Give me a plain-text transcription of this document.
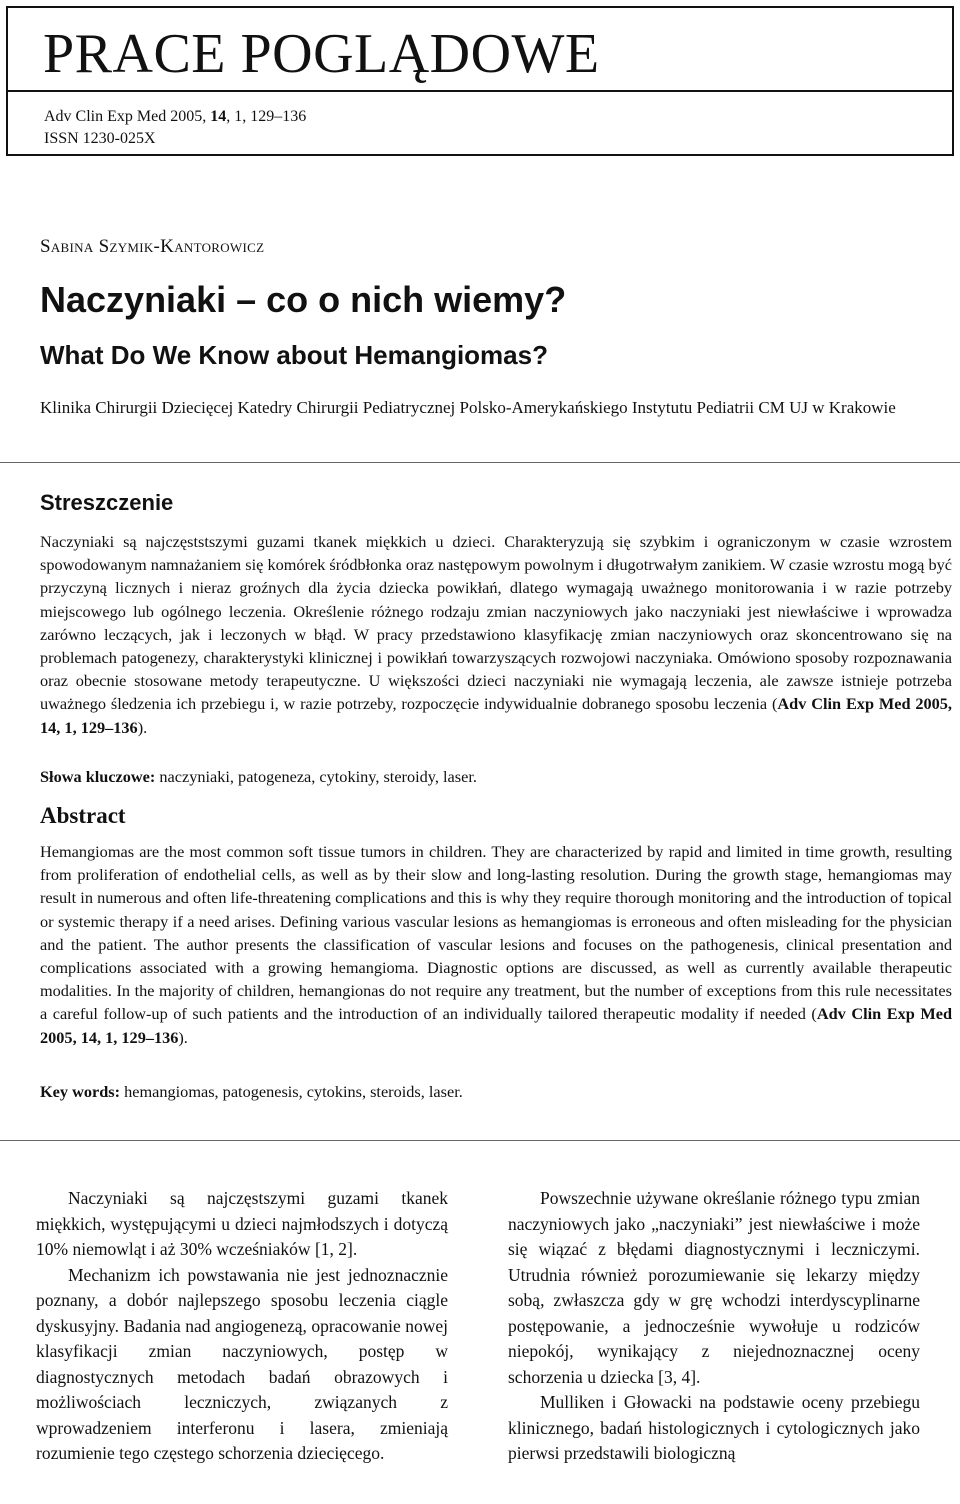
PRACE POGLĄDOWE
Adv Clin Exp Med 2005, 14, 1, 129–136
ISSN 1230-025X
Sabina Szymik-Kantorowicz
Naczyniaki – co o nich wiemy?
What Do We Know about Hemangiomas?
Klinika Chirurgii Dziecięcej Katedry Chirurgii Pediatrycznej Polsko-Amerykańskiego Instytutu Pediatrii CM UJ w Krakowie
Streszczenie

Naczyniaki są najczęststszymi guzami tkanek miękkich u dzieci. Charakteryzują się szybkim i ograniczonym w czasie wzrostem spowodowanym namnażaniem się komórek śródbłonka oraz następowym powolnym i długotrwałym zanikiem. W czasie wzrostu mogą być przyczyną licznych i nieraz groźnych dla życia dziecka powikłań, dlatego wymagają uważnego monitorowania i w razie potrzeby miejscowego lub ogólnego leczenia. Określenie różnego rodzaju zmian naczyniowych jako naczyniaki jest niewłaściwe i wprowadza zarówno leczących, jak i leczonych w błąd. W pracy przedstawiono klasyfikację zmian naczyniowych oraz skoncentrowano się na problemach patogenezy, charakterystyki klinicznej i powikłań towarzyszących rozwojowi naczyniaka. Omówiono sposoby rozpoznawania oraz obecnie stosowane metody terapeutyczne. U większości dzieci naczyniaki nie wymagają leczenia, ale zawsze istnieje potrzeba uważnego śledzenia ich przebiegu i, w razie potrzeby, rozpoczęcie indywidualnie dobranego sposobu leczenia (Adv Clin Exp Med 2005, 14, 1, 129–136).

Słowa kluczowe: naczyniaki, patogeneza, cytokiny, steroidy, laser.

Abstract

Hemangiomas are the most common soft tissue tumors in children. They are characterized by rapid and limited in time growth, resulting from proliferation of endothelial cells, as well as by their slow and long-lasting resolution. During the growth stage, hemangiomas may result in numerous and often life-threatening complications and this is why they require thorough monitoring and the introduction of topical or systemic therapy if a need arises. Defining various vascular lesions as hemangiomas is erroneous and often misleading for the physician and the patient. The author presents the classification of vascular lesions and focuses on the pathogenesis, clinical presentation and complications associated with a growing hemangioma. Diagnostic options are discussed, as well as currently available therapeutic modalities. In the majority of children, hemangionas do not require any treatment, but the number of exceptions from this rule necessitates a careful follow-up of such patients and the introduction of an individually tailored therapeutic modality if needed (Adv Clin Exp Med 2005, 14, 1, 129–136).

Key words: hemangiomas, patogenesis, cytokins, steroids, laser.

Naczyniaki są najczęstszymi guzami tkanek miękkich, występującymi u dzieci najmłodszych i dotyczą 10% niemowląt i aż 30% wcześniaków [1, 2].

Mechanizm ich powstawania nie jest jednoznacznie poznany, a dobór najlepszego sposobu leczenia ciągle dyskusyjny. Badania nad angiogenezą, opracowanie nowej klasyfikacji zmian naczyniowych, postęp w diagnostycznych metodach badań obrazowych i możliwościach leczniczych, związanych z wprowadzeniem interferonu i lasera, zmieniają rozumienie tego częstego schorzenia dziecięcego.

Powszechnie używane określanie różnego typu zmian naczyniowych jako „naczyniaki” jest niewłaściwe i może się wiązać z błędami diagnostycznymi i leczniczymi. Utrudnia również porozumiewanie się lekarzy między sobą, zwłaszcza gdy w grę wchodzi interdyscyplinarne postępowanie, a jednocześnie wywołuje u rodziców niepokój, wynikający z niejednoznacznej oceny schorzenia u dziecka [3, 4].

Mulliken i Głowacki na podstawie oceny przebiegu klinicznego, badań histologicznych i cytologicznych jako pierwsi przedstawili biologiczną
